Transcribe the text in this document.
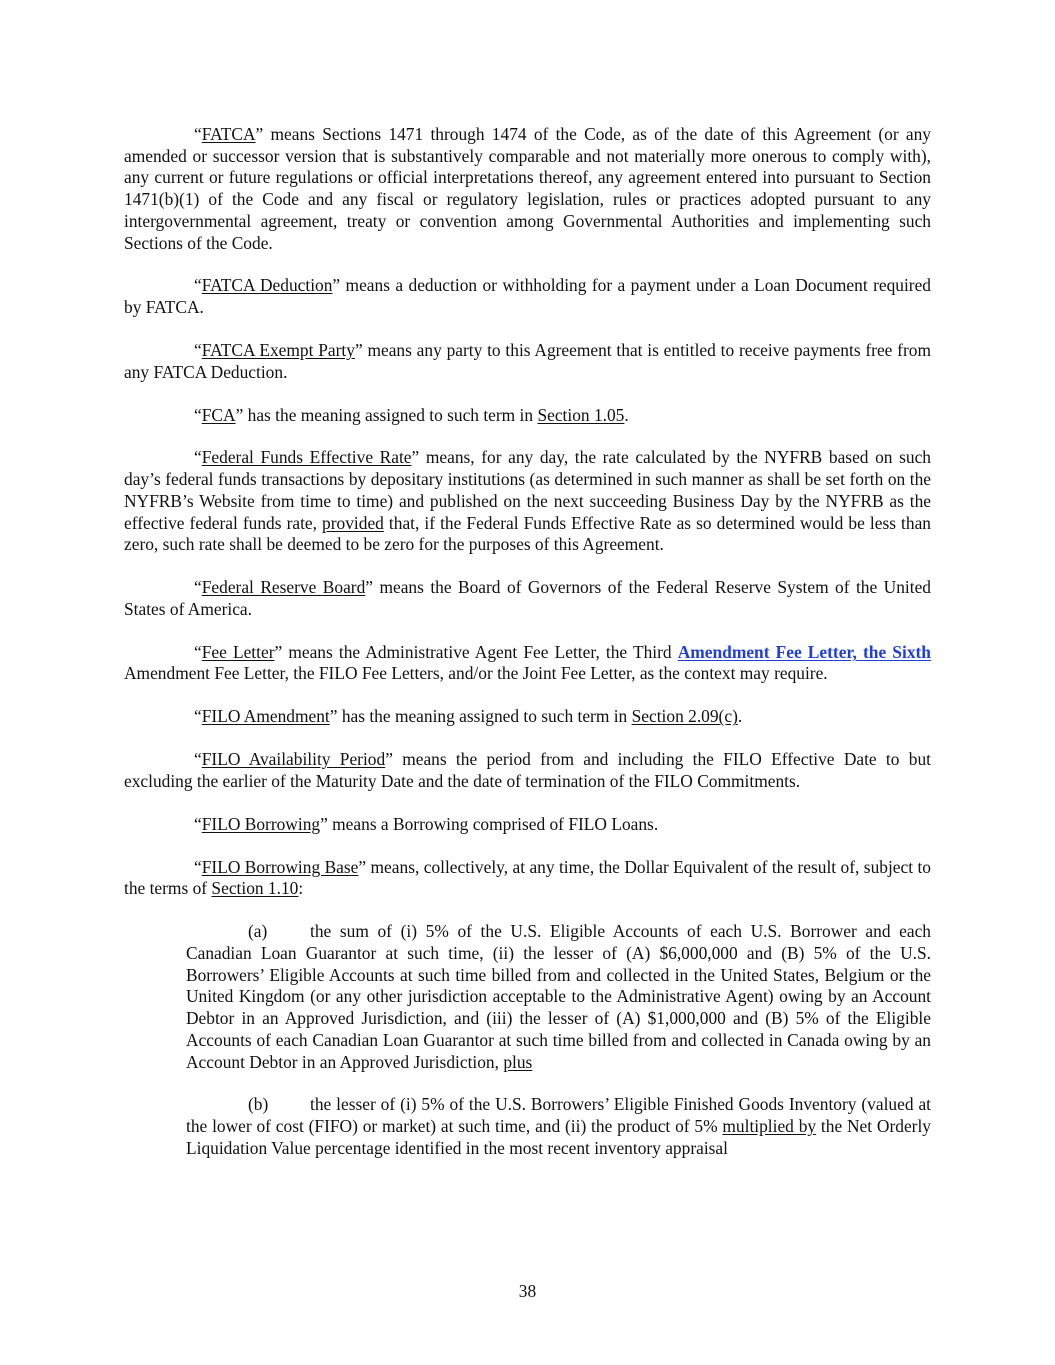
“FATCA” means Sections 1471 through 1474 of the Code, as of the date of this Agreement (or any amended or successor version that is substantively comparable and not materially more onerous to comply with), any current or future regulations or official interpretations thereof, any agreement entered into pursuant to Section 1471(b)(1) of the Code and any fiscal or regulatory legislation, rules or practices adopted pursuant to any intergovernmental agreement, treaty or convention among Governmental Authorities and implementing such Sections of the Code.

“FATCA Deduction” means a deduction or withholding for a payment under a Loan Document required by FATCA.

“FATCA Exempt Party” means any party to this Agreement that is entitled to receive payments free from any FATCA Deduction.

“FCA” has the meaning assigned to such term in Section 1.05.

“Federal Funds Effective Rate” means, for any day, the rate calculated by the NYFRB based on such day’s federal funds transactions by depositary institutions (as determined in such manner as shall be set forth on the NYFRB’s Website from time to time) and published on the next succeeding Business Day by the NYFRB as the effective federal funds rate, provided that, if the Federal Funds Effective Rate as so determined would be less than zero, such rate shall be deemed to be zero for the purposes of this Agreement.

“Federal Reserve Board” means the Board of Governors of the Federal Reserve System of the United States of America.

“Fee Letter” means the Administrative Agent Fee Letter, the Third Amendment Fee Letter, the Sixth Amendment Fee Letter, the FILO Fee Letters, and/or the Joint Fee Letter, as the context may require.

“FILO Amendment” has the meaning assigned to such term in Section 2.09(c).

“FILO Availability Period” means the period from and including the FILO Effective Date to but excluding the earlier of the Maturity Date and the date of termination of the FILO Commitments.

“FILO Borrowing” means a Borrowing comprised of FILO Loans.

“FILO Borrowing Base” means, collectively, at any time, the Dollar Equivalent of the result of, subject to the terms of Section 1.10:

(a) the sum of (i) 5% of the U.S. Eligible Accounts of each U.S. Borrower and each Canadian Loan Guarantor at such time, (ii) the lesser of (A) $6,000,000 and (B) 5% of the U.S. Borrowers’ Eligible Accounts at such time billed from and collected in the United States, Belgium or the United Kingdom (or any other jurisdiction acceptable to the Administrative Agent) owing by an Account Debtor in an Approved Jurisdiction, and (iii) the lesser of (A) $1,000,000 and (B) 5% of the Eligible Accounts of each Canadian Loan Guarantor at such time billed from and collected in Canada owing by an Account Debtor in an Approved Jurisdiction, plus

(b) the lesser of (i) 5% of the U.S. Borrowers’ Eligible Finished Goods Inventory (valued at the lower of cost (FIFO) or market) at such time, and (ii) the product of 5% multiplied by the Net Orderly Liquidation Value percentage identified in the most recent inventory appraisal

38
